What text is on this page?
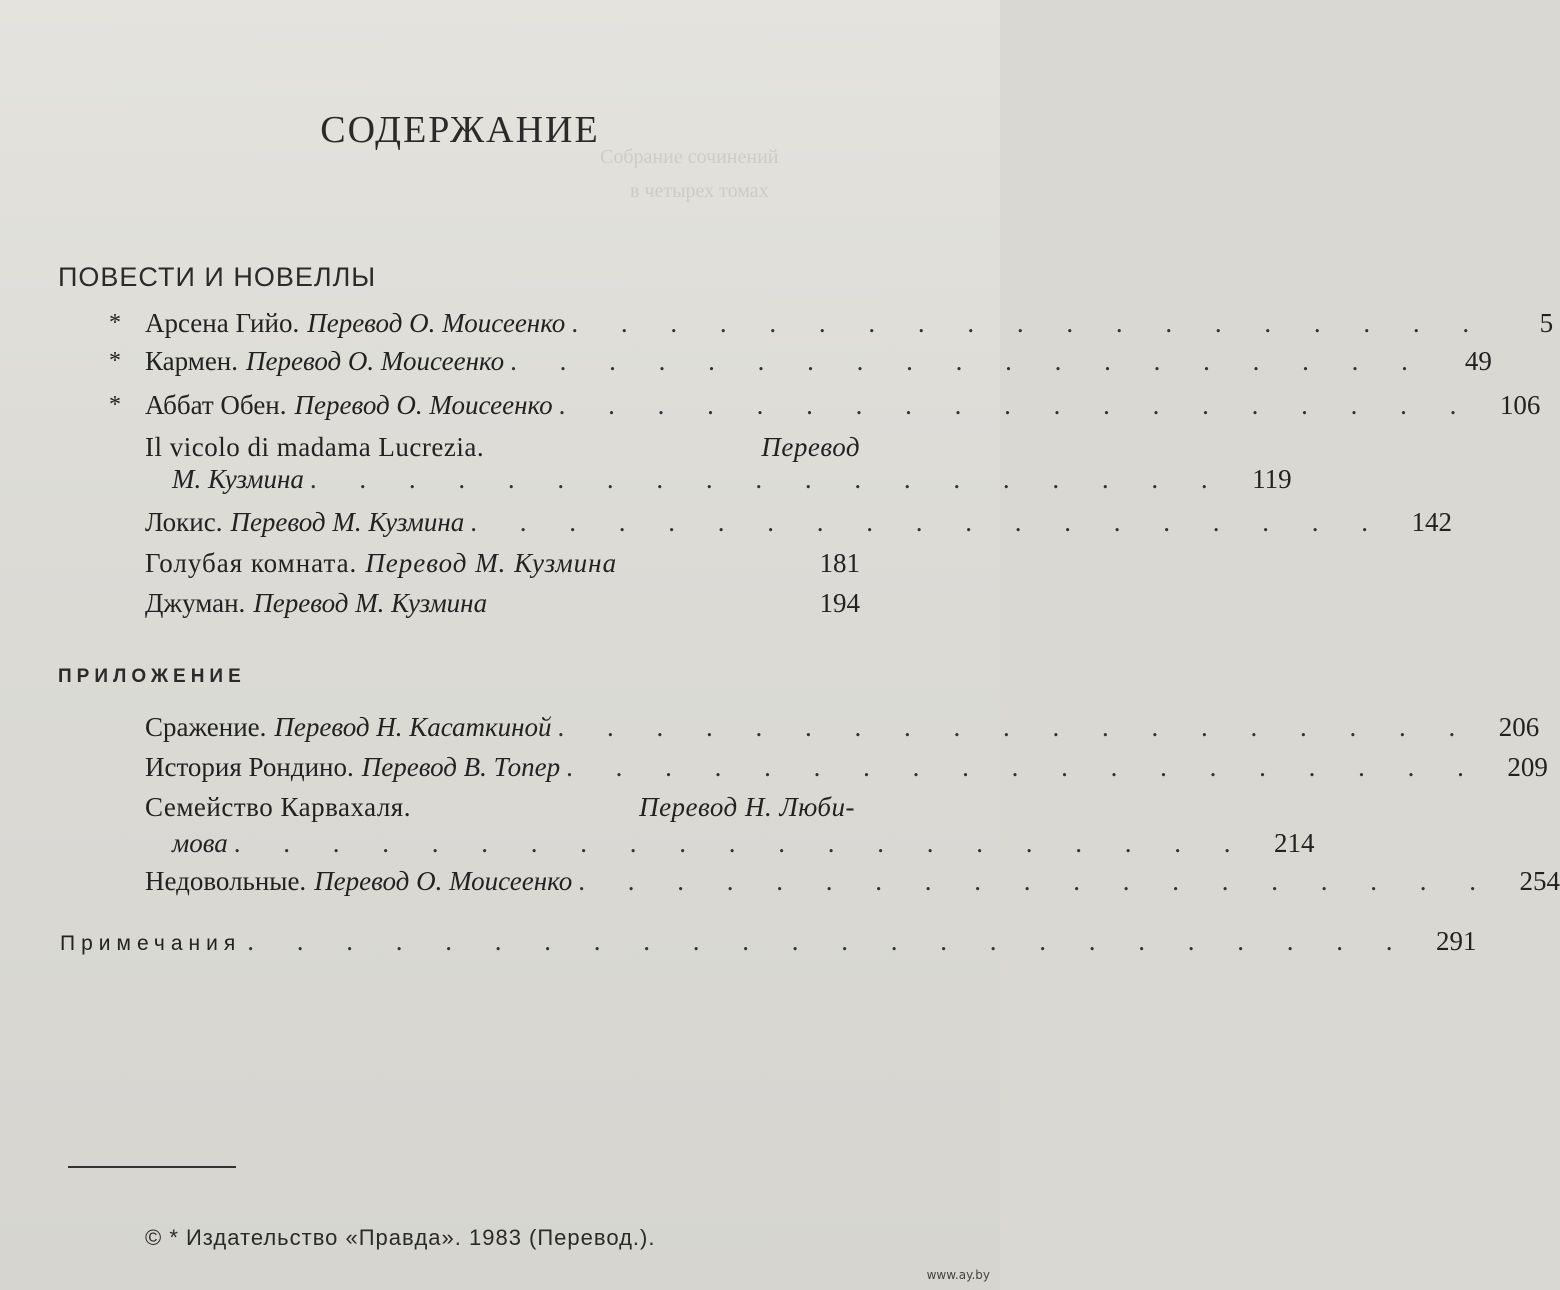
Собрание сочинений
в четырех томах
СОДЕРЖАНИЕ
ПОВЕСТИ И НОВЕЛЛЫ
* Арсена Гийо. Перевод О. Моисеенко . . . . . . . . . . . . . . . . . . .	5
* Кармен. Перевод О. Моисеенко . . . . . . . . . . . . . . . . . . .	49
* Аббат Обен. Перевод О. Моисеенко . . . . . . . . . . . . . . . . . . . 106
Il vicolo di madama Lucrezia.	Перевод
М. Кузмина . . . . . . . . . . . . . . . . . . . 119
Локис. Перевод М. Кузмина . . . . . . . . . . . . . . . . . . . 142
Голубая комната. Перевод М. Кузмина	181
Джуман. Перевод М. Кузмина	194
ПРИЛОЖЕНИЕ
Сражение. Перевод Н. Касаткиной . . . . . . . . . . . . . . . . . . . 206
История Рондино. Перевод В. Топер . . . . . . . . . . . . . . . . . . . 209
Семейство Карвахаля.	Перевод Н. Люби-
мова . . . . . . . . . . . . . . . . . . . . . 214
Недовольные. Перевод О. Моисеенко . . . . . . . . . . . . . . . . . . . 254
Примечания . . . . . . . . . . . . . . . . . . . . . . . . 291
© * Издательство «Правда». 1983 (Перевод.).
www.ay.by
